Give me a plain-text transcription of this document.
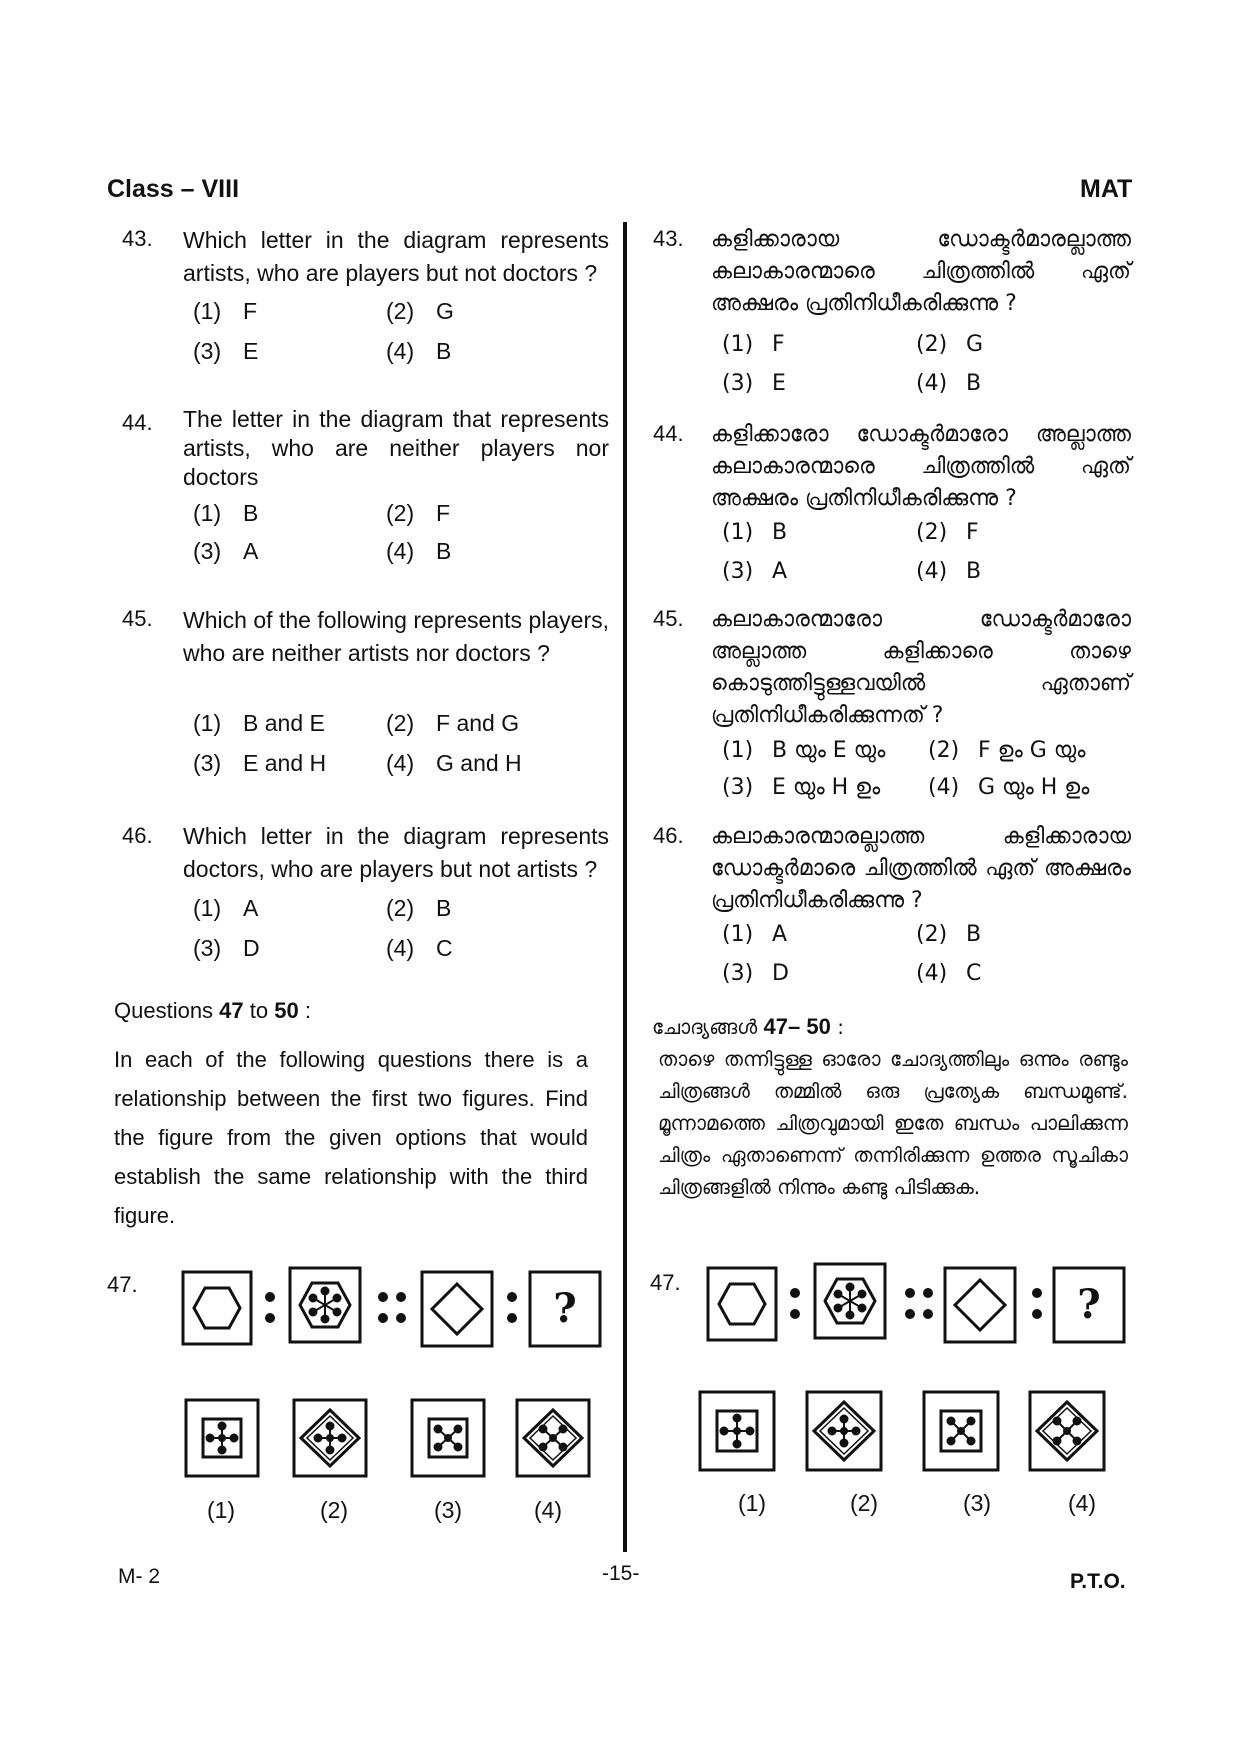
Class – VIII	MAT
43. Which letter in the diagram represents artists, who are players but not doctors ?
(1) F	(2) G
(3) E	(4) B
44. The letter in the diagram that represents artists, who are neither players nor doctors
(1) B	(2) F
(3) A	(4) B
45. Which of the following represents players, who are neither artists nor doctors ?
(1) B and E	(2) F and G
(3) E and H	(4) G and H
46. Which letter in the diagram represents doctors, who are players but not artists ?
(1) A	(2) B
(3) D	(4) C
Questions 47 to 50 :
In each of the following questions there is a relationship between the first two figures. Find the figure from the given options that would establish the same relationship with the third figure.
47.
?
(1)	(2)	(3)	(4)
43. കളിക്കാരായ ഡോക്ടർമാരല്ലാത്ത കലാകാരന്മാരെ ചിത്രത്തിൽ ഏത് അക്ഷരം പ്രതിനിധീകരിക്കുന്നു ?
(1) F	(2) G
(3) E	(4) B
44. കളിക്കാരോ ഡോക്ടർമാരോ അല്ലാത്ത കലാകാരന്മാരെ ചിത്രത്തിൽ ഏത് അക്ഷരം പ്രതിനിധീകരിക്കുന്നു ?
(1) B	(2) F
(3) A	(4) B
45. കലാകാരന്മാരോ ഡോക്ടർമാരോ അല്ലാത്ത കളിക്കാരെ താഴെ കൊടുത്തിട്ടുള്ളവയിൽ ഏതാണ് പ്രതിനിധീകരിക്കുന്നത് ?
(1) B യും E യും (2) F ഉം G യും
(3) E യും H ഉം (4) G യും H ഉം
46. കലാകാരന്മാരല്ലാത്ത കളിക്കാരായ ഡോക്ടർമാരെ ചിത്രത്തിൽ ഏത് അക്ഷരം പ്രതിനിധീകരിക്കുന്നു ?
(1) A	(2) B
(3) D	(4) C
ചോദ്യങ്ങൾ 47– 50 :
താഴെ തന്നിട്ടുള്ള ഓരോ ചോദ്യത്തിലും ഒന്നും രണ്ടും ചിത്രങ്ങൾ തമ്മിൽ ഒരു പ്രത്യേക ബന്ധമുണ്ട്. മൂന്നാമത്തെ ചിത്രവുമായി ഇതേ ബന്ധം പാലിക്കുന്ന ചിത്രം ഏതാണെന്ന് തന്നിരിക്കുന്ന ഉത്തര സൂചികാ ചിത്രങ്ങളിൽ നിന്നും കണ്ടു പിടിക്കുക.
47.	?
(1)	(2)	(3)	(4)
M- 2	-15-	P.T.O.
